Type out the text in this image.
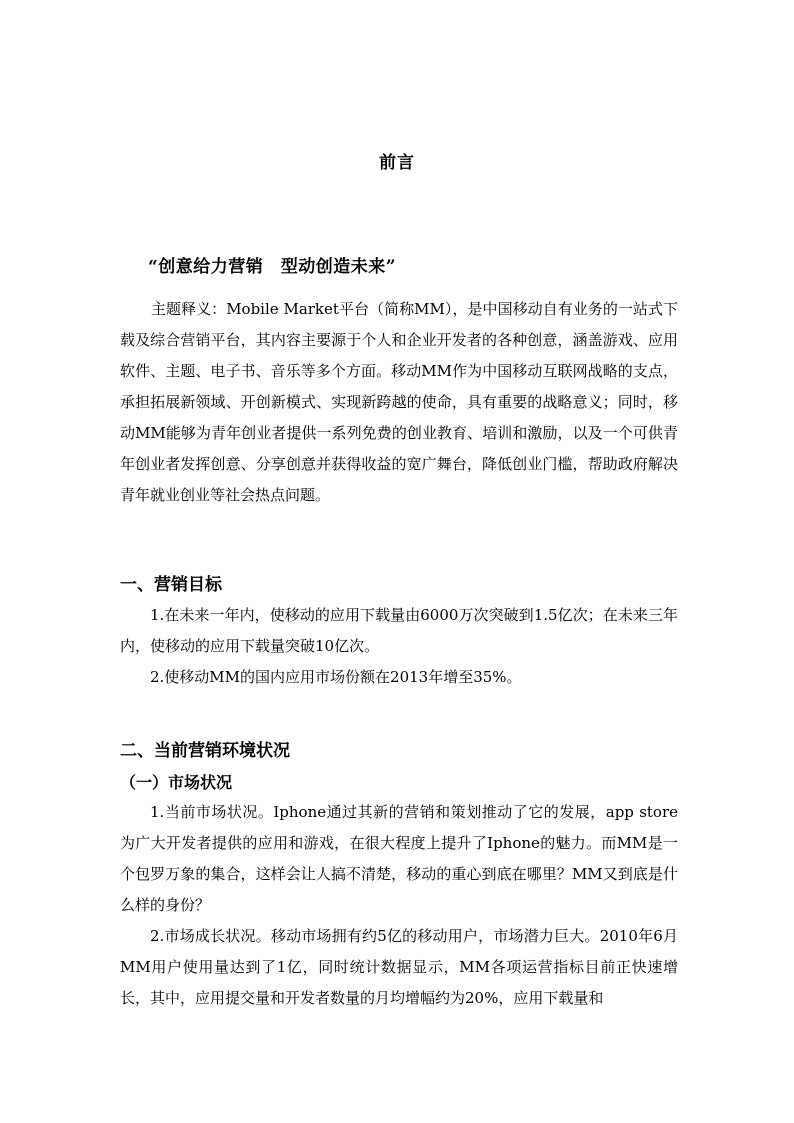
前言
“创意给力营销　型动创造未来”
主题释义：Mobile Market平台（简称MM），是中国移动自有业务的一站式下载及综合营销平台，其内容主要源于个人和企业开发者的各种创意，涵盖游戏、应用软件、主题、电子书、音乐等多个方面。移动MM作为中国移动互联网战略的支点，承担拓展新领域、开创新模式、实现新跨越的使命，具有重要的战略意义；同时，移动MM能够为青年创业者提供一系列免费的创业教育、培训和激励，以及一个可供青年创业者发挥创意、分享创意并获得收益的宽广舞台，降低创业门槛，帮助政府解决青年就业创业等社会热点问题。
一、营销目标

1.在未来一年内，使移动的应用下载量由6000万次突破到1.5亿次；在未来三年内，使移动的应用下载量突破10亿次。

2.使移动MM的国内应用市场份额在2013年增至35%。

二、当前营销环境状况
（一）市场状况

1.当前市场状况。Iphone通过其新的营销和策划推动了它的发展，app store为广大开发者提供的应用和游戏，在很大程度上提升了Iphone的魅力。而MM是一个包罗万象的集合，这样会让人搞不清楚，移动的重心到底在哪里？MM又到底是什么样的身份？

2.市场成长状况。移动市场拥有约5亿的移动用户，市场潜力巨大。2010年6月MM用户使用量达到了1亿，同时统计数据显示，MM各项运营指标目前正快速增长，其中，应用提交量和开发者数量的月均增幅约为20%，应用下载量和
